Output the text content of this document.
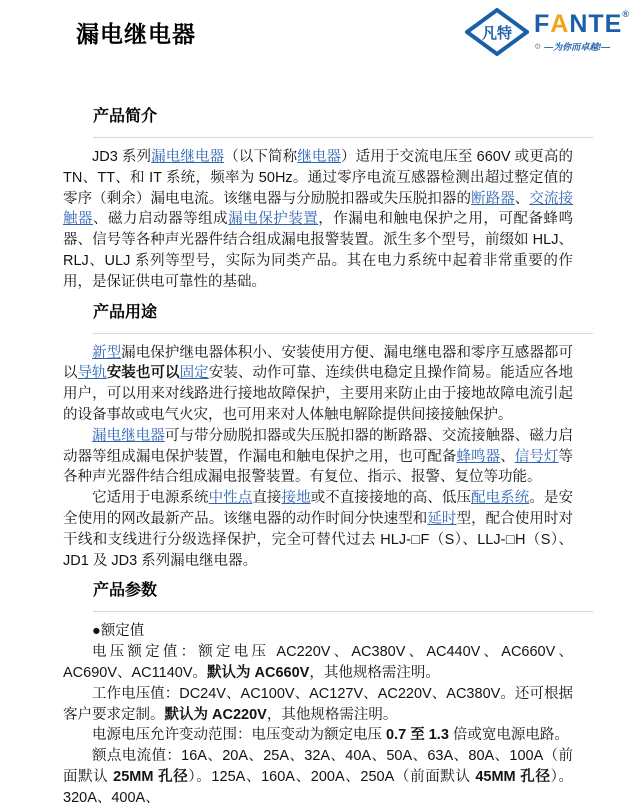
漏电继电器	凡特 F A NTE ®
⚙ —为你而卓越!—
产品简介

JD3 系列漏电继电器（以下简称继电器）适用于交流电压至 660V 或更高的 TN、TT、和 IT 系统，频率为 50Hz。通过零序电流互感器检测出超过整定值的零序（剩余）漏电电流。该继电器与分励脱扣器或失压脱扣器的断路器、交流接触器、磁力启动器等组成漏电保护装置，作漏电和触电保护之用，可配备蜂鸣器、信号等各种声光器件结合组成漏电报警装置。派生多个型号，前缀如 HLJ、RLJ、ULJ 系列等型号，实际为同类产品。其在电力系统中起着非常重要的作用，是保证供电可靠性的基础。

产品用途

新型漏电保护继电器体积小、安装使用方便、漏电继电器和零序互感器都可以导轨安装也可以固定安装、动作可靠、连续供电稳定且操作简易。能适应各地用户，可以用来对线路进行接地故障保护，主要用来防止由于接地故障电流引起的设备事故或电气火灾，也可用来对人体触电解除提供间接接触保护。

漏电继电器可与带分励脱扣器或失压脱扣器的断路器、交流接触器、磁力启动器等组成漏电保护装置，作漏电和触电保护之用，也可配备蜂鸣器、信号灯等各种声光器件结合组成漏电报警装置。有复位、指示、报警、复位等功能。

它适用于电源系统中性点直接接地或不直接接地的高、低压配电系统。是安全使用的网改最新产品。该继电器的动作时间分快速型和延时型，配合使用时对干线和支线进行分级选择保护，完全可替代过去 HLJ-□F（S）、LLJ-□H（S）、JD1 及 JD3 系列漏电继电器。

产品参数

●额定值

电压额定值：额定电压 AC220V、AC380V、AC440V、AC660V、AC690V、AC1140V。默认为 AC660V，其他规格需注明。

工作电压值：DC24V、AC100V、AC127V、AC220V、AC380V。还可根据客户要求定制。默认为 AC220V，其他规格需注明。

电源电压允许变动范围：电压变动为额定电压 0.7 至 1.3 倍或宽电源电路。

额点电流值：16A、20A、25A、32A、40A、50A、63A、80A、100A（前面默认 25MM 孔径）。125A、160A、200A、250A（前面默认 45MM 孔径）。320A、400A、
